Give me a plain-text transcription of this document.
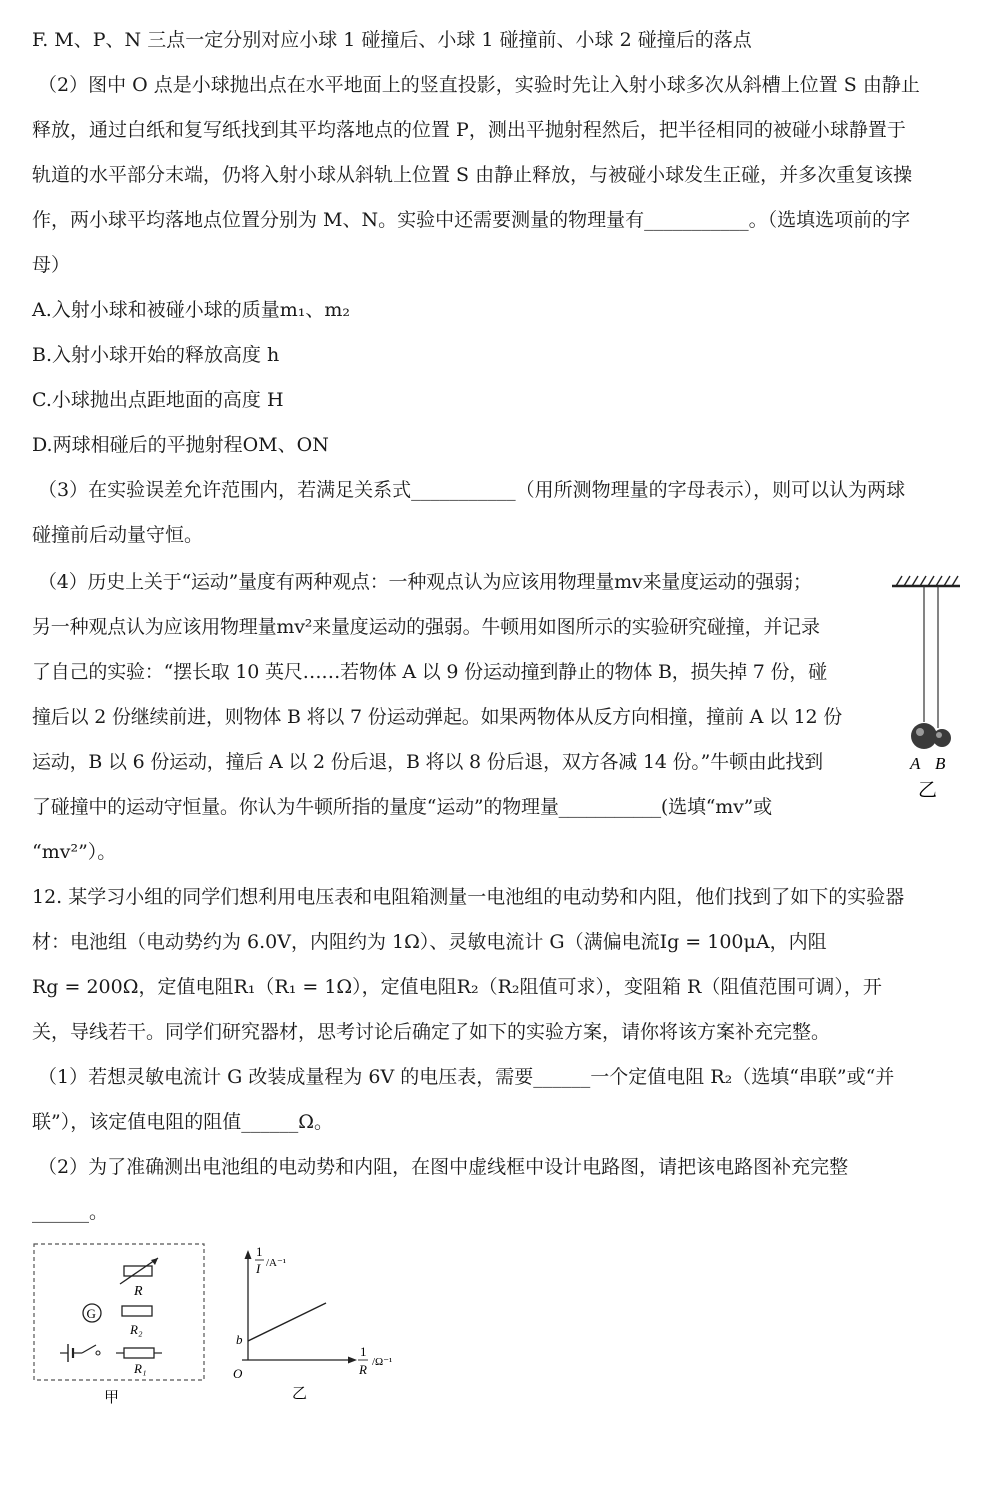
F. M、P、N 三点一定分别对应小球 1 碰撞后、小球 1 碰撞前、小球 2 碰撞后的落点
（2）图中 O 点是小球抛出点在水平地面上的竖直投影，实验时先让入射小球多次从斜槽上位置 S 由静止
释放，通过白纸和复写纸找到其平均落地点的位置 P，测出平抛射程然后，把半径相同的被碰小球静置于
轨道的水平部分末端，仍将入射小球从斜轨上位置 S 由静止释放，与被碰小球发生正碰，并多次重复该操
作，两小球平均落地点位置分别为 M、N。实验中还需要测量的物理量有___________。（选填选项前的字
母）
A.入射小球和被碰小球的质量m₁、m₂
B.入射小球开始的释放高度 h
C.小球抛出点距地面的高度 H
D.两球相碰后的平抛射程OM、ON
（3）在实验误差允许范围内，若满足关系式___________（用所测物理量的字母表示），则可以认为两球
碰撞前后动量守恒。
（4）历史上关于“运动”量度有两种观点：一种观点认为应该用物理量mv来量度运动的强弱；
另一种观点认为应该用物理量mv²来量度运动的强弱。牛顿用如图所示的实验研究碰撞，并记录
了自己的实验：“摆长取 10 英尺……若物体 A 以 9 份运动撞到静止的物体 B，损失掉 7 份，碰
撞后以 2 份继续前进，则物体 B 将以 7 份运动弹起。如果两物体从反方向相撞，撞前 A 以 12 份
运动，B 以 6 份运动，撞后 A 以 2 份后退，B 将以 8 份后退，双方各减 14 份。”牛顿由此找到
了碰撞中的运动守恒量。你认为牛顿所指的量度“运动”的物理量___________(选填“mv”或
“mv²”）。
12. 某学习小组的同学们想利用电压表和电阻箱测量一电池组的电动势和内阻，他们找到了如下的实验器
材：电池组（电动势约为 6.0V，内阻约为 1Ω）、灵敏电流计 G（满偏电流Ig = 100μA，内阻
Rg = 200Ω，定值电阻R₁（R₁ = 1Ω），定值电阻R₂（R₂阻值可求），变阻箱 R（阻值范围可调），开
关，导线若干。同学们研究器材，思考讨论后确定了如下的实验方案，请你将该方案补充完整。
（1）若想灵敏电流计 G 改装成量程为 6V 的电压表，需要______一个定值电阻 R₂（选填“串联”或“并
联”），该定值电阻的阻值______Ω。
（2）为了准确测出电池组的电动势和内阻，在图中虚线框中设计电路图，请把该电路图补充完整
______。
A B
乙
R
G
R₂
R₁
甲
1
I /A⁻¹
1
R /Ω⁻¹
O
b
乙
